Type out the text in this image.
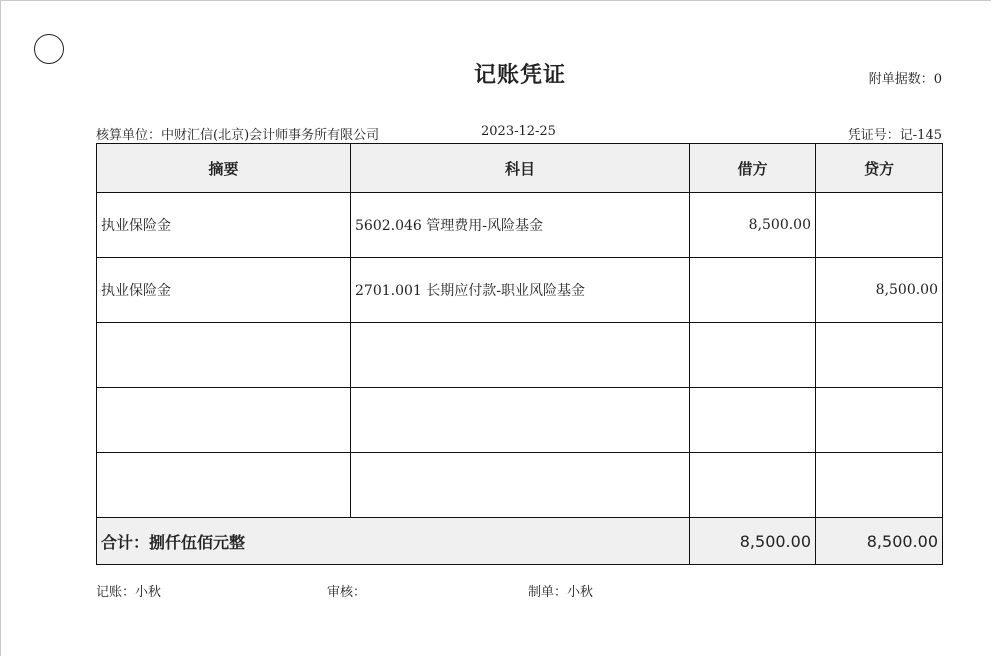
记账凭证	附单据数：0
核算单位：中财汇信(北京)会计师事务所有限公司	2023-12-25	凭证号：记-145
摘要	科目	借方	贷方
执业保险金	5602.046 管理费用-风险基金	8,500.00	
执业保险金	2701.001 长期应付款-职业风险基金		8,500.00

合计：捌仟伍佰元整		8,500.00	8,500.00
记账：小秋	审核：	制单：小秋
